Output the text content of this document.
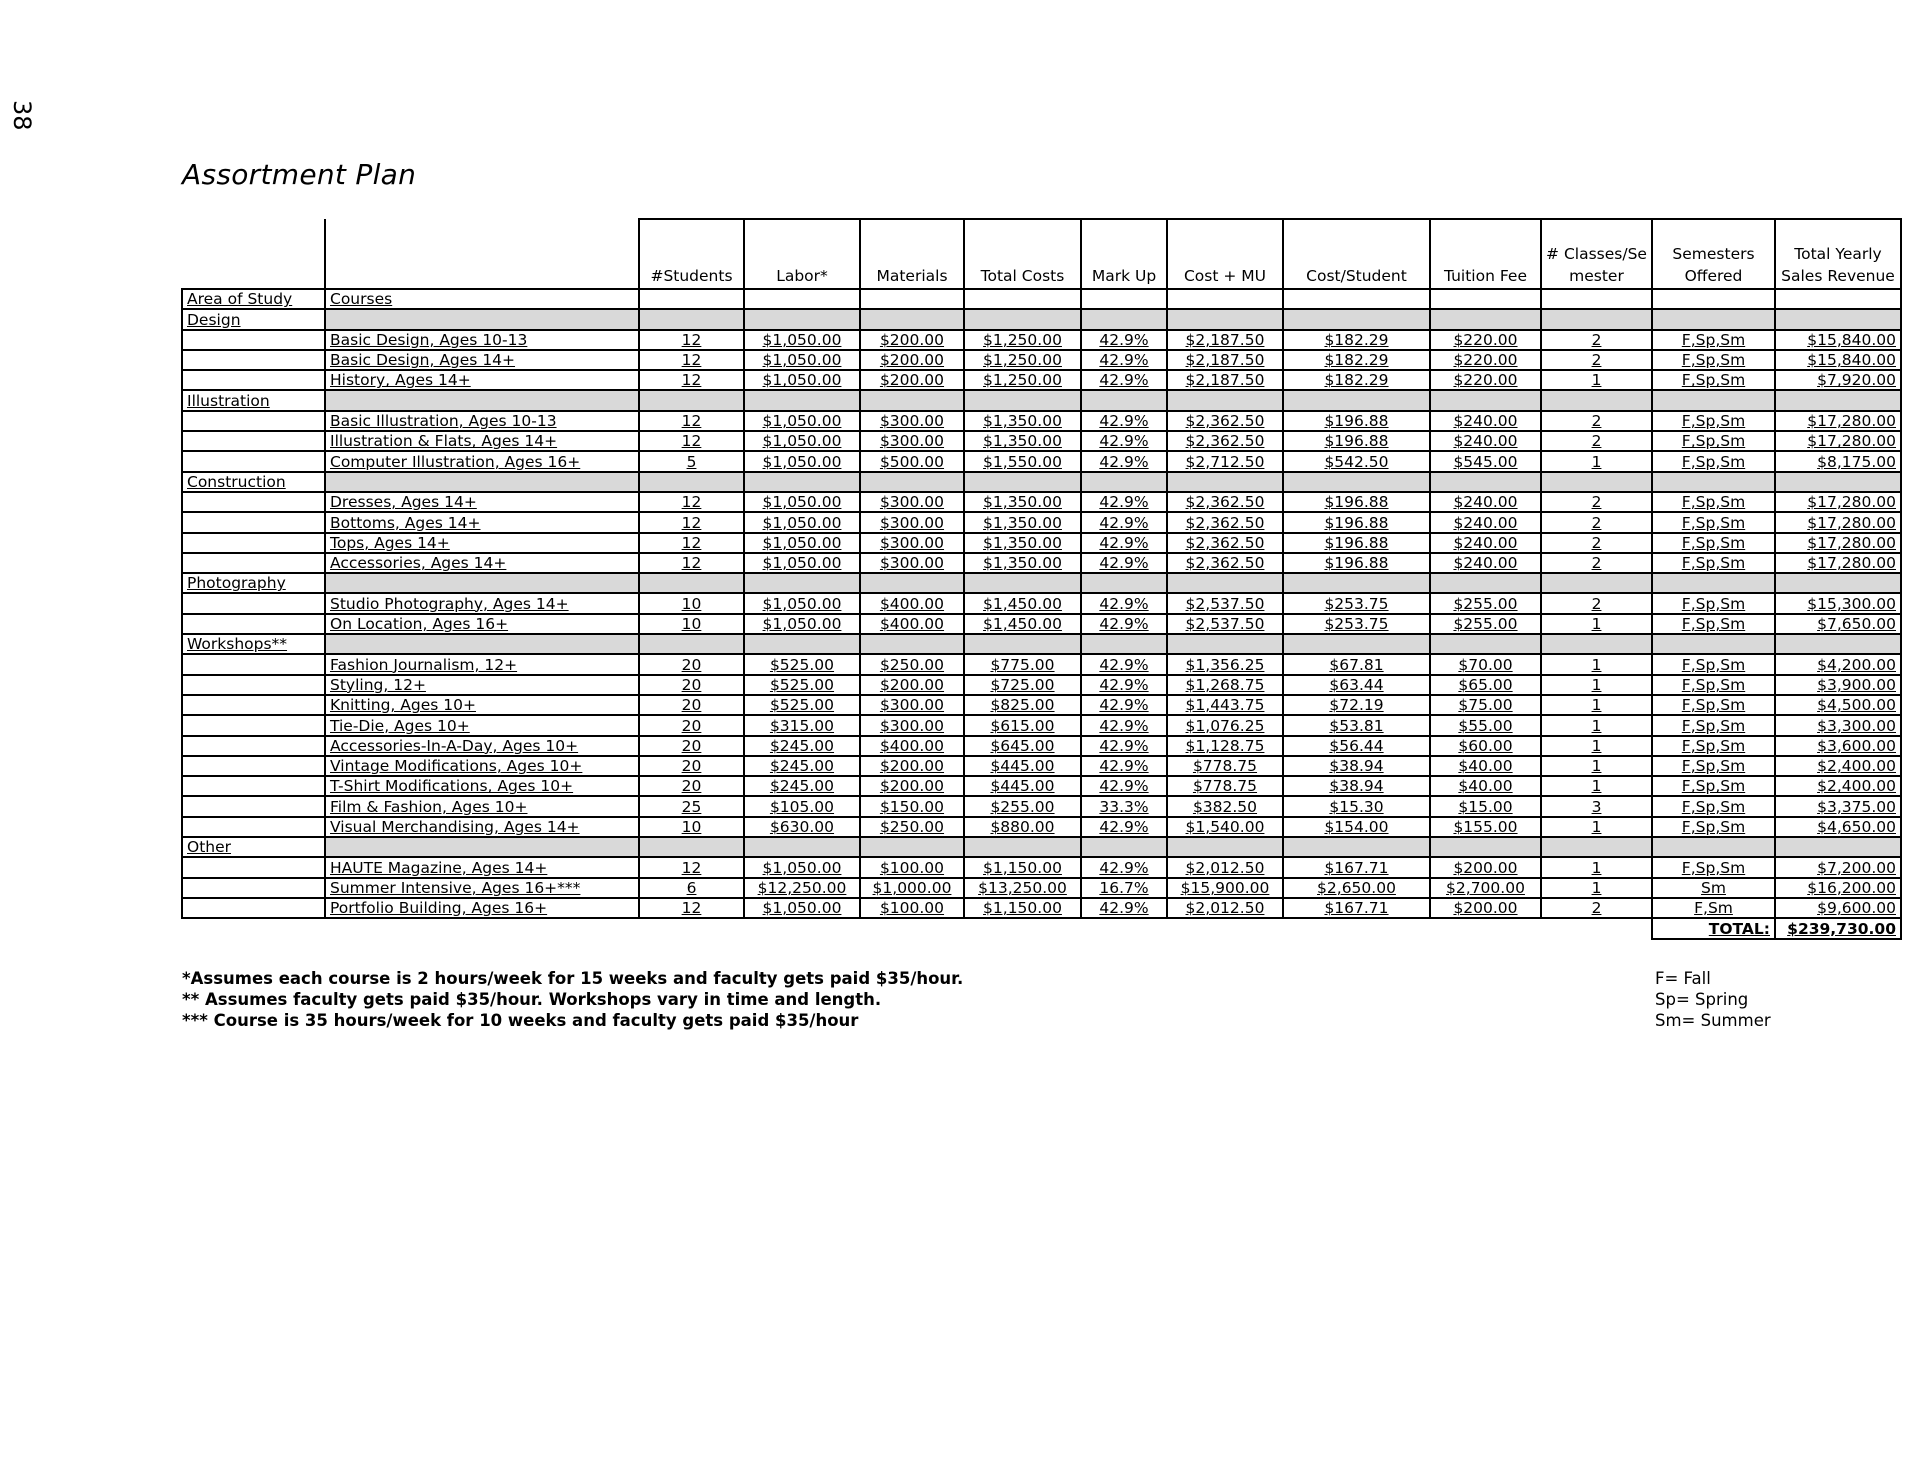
38
Assortment Plan
		#Students	Labor*	Materials	Total Costs	Mark Up	Cost + MU	Cost/Student	Tuition Fee	# Classes/Semester	Semesters Offered	Total Yearly Sales Revenue
Area of Study	Courses											
Design												
	Basic Design, Ages 10-13	12	$1,050.00	$200.00	$1,250.00	42.9%	$2,187.50	$182.29	$220.00	2	F,Sp,Sm	$15,840.00
	Basic Design, Ages 14+	12	$1,050.00	$200.00	$1,250.00	42.9%	$2,187.50	$182.29	$220.00	2	F,Sp,Sm	$15,840.00
	History, Ages 14+	12	$1,050.00	$200.00	$1,250.00	42.9%	$2,187.50	$182.29	$220.00	1	F,Sp,Sm	$7,920.00
Illustration												
	Basic Illustration, Ages 10-13	12	$1,050.00	$300.00	$1,350.00	42.9%	$2,362.50	$196.88	$240.00	2	F,Sp,Sm	$17,280.00
	Illustration & Flats, Ages 14+	12	$1,050.00	$300.00	$1,350.00	42.9%	$2,362.50	$196.88	$240.00	2	F,Sp,Sm	$17,280.00
	Computer Illustration, Ages 16+	5	$1,050.00	$500.00	$1,550.00	42.9%	$2,712.50	$542.50	$545.00	1	F,Sp,Sm	$8,175.00
Construction												
	Dresses, Ages 14+	12	$1,050.00	$300.00	$1,350.00	42.9%	$2,362.50	$196.88	$240.00	2	F,Sp,Sm	$17,280.00
	Bottoms, Ages 14+	12	$1,050.00	$300.00	$1,350.00	42.9%	$2,362.50	$196.88	$240.00	2	F,Sp,Sm	$17,280.00
	Tops, Ages 14+	12	$1,050.00	$300.00	$1,350.00	42.9%	$2,362.50	$196.88	$240.00	2	F,Sp,Sm	$17,280.00
	Accessories, Ages 14+	12	$1,050.00	$300.00	$1,350.00	42.9%	$2,362.50	$196.88	$240.00	2	F,Sp,Sm	$17,280.00
Photography												
	Studio Photography, Ages 14+	10	$1,050.00	$400.00	$1,450.00	42.9%	$2,537.50	$253.75	$255.00	2	F,Sp,Sm	$15,300.00
	On Location, Ages 16+	10	$1,050.00	$400.00	$1,450.00	42.9%	$2,537.50	$253.75	$255.00	1	F,Sp,Sm	$7,650.00
Workshops**												
	Fashion Journalism, 12+	20	$525.00	$250.00	$775.00	42.9%	$1,356.25	$67.81	$70.00	1	F,Sp,Sm	$4,200.00
	Styling, 12+	20	$525.00	$200.00	$725.00	42.9%	$1,268.75	$63.44	$65.00	1	F,Sp,Sm	$3,900.00
	Knitting, Ages 10+	20	$525.00	$300.00	$825.00	42.9%	$1,443.75	$72.19	$75.00	1	F,Sp,Sm	$4,500.00
	Tie-Die, Ages 10+	20	$315.00	$300.00	$615.00	42.9%	$1,076.25	$53.81	$55.00	1	F,Sp,Sm	$3,300.00
	Accessories-In-A-Day, Ages 10+	20	$245.00	$400.00	$645.00	42.9%	$1,128.75	$56.44	$60.00	1	F,Sp,Sm	$3,600.00
	Vintage Modifications, Ages 10+	20	$245.00	$200.00	$445.00	42.9%	$778.75	$38.94	$40.00	1	F,Sp,Sm	$2,400.00
	T-Shirt Modifications, Ages 10+	20	$245.00	$200.00	$445.00	42.9%	$778.75	$38.94	$40.00	1	F,Sp,Sm	$2,400.00
	Film & Fashion, Ages 10+	25	$105.00	$150.00	$255.00	33.3%	$382.50	$15.30	$15.00	3	F,Sp,Sm	$3,375.00
	Visual Merchandising, Ages 14+	10	$630.00	$250.00	$880.00	42.9%	$1,540.00	$154.00	$155.00	1	F,Sp,Sm	$4,650.00
Other												
	HAUTE Magazine, Ages 14+	12	$1,050.00	$100.00	$1,150.00	42.9%	$2,012.50	$167.71	$200.00	1	F,Sp,Sm	$7,200.00
	Summer Intensive, Ages 16+***	6	$12,250.00	$1,000.00	$13,250.00	16.7%	$15,900.00	$2,650.00	$2,700.00	1	Sm	$16,200.00
	Portfolio Building, Ages 16+	12	$1,050.00	$100.00	$1,150.00	42.9%	$2,012.50	$167.71	$200.00	2	F,Sm	$9,600.00
											TOTAL:	$239,730.00
*Assumes each course is 2 hours/week for 15 weeks and faculty gets paid $35/hour.
** Assumes faculty gets paid $35/hour. Workshops vary in time and length.
*** Course is 35 hours/week for 10 weeks and faculty gets paid $35/hour
F= Fall
Sp= Spring
Sm= Summer
